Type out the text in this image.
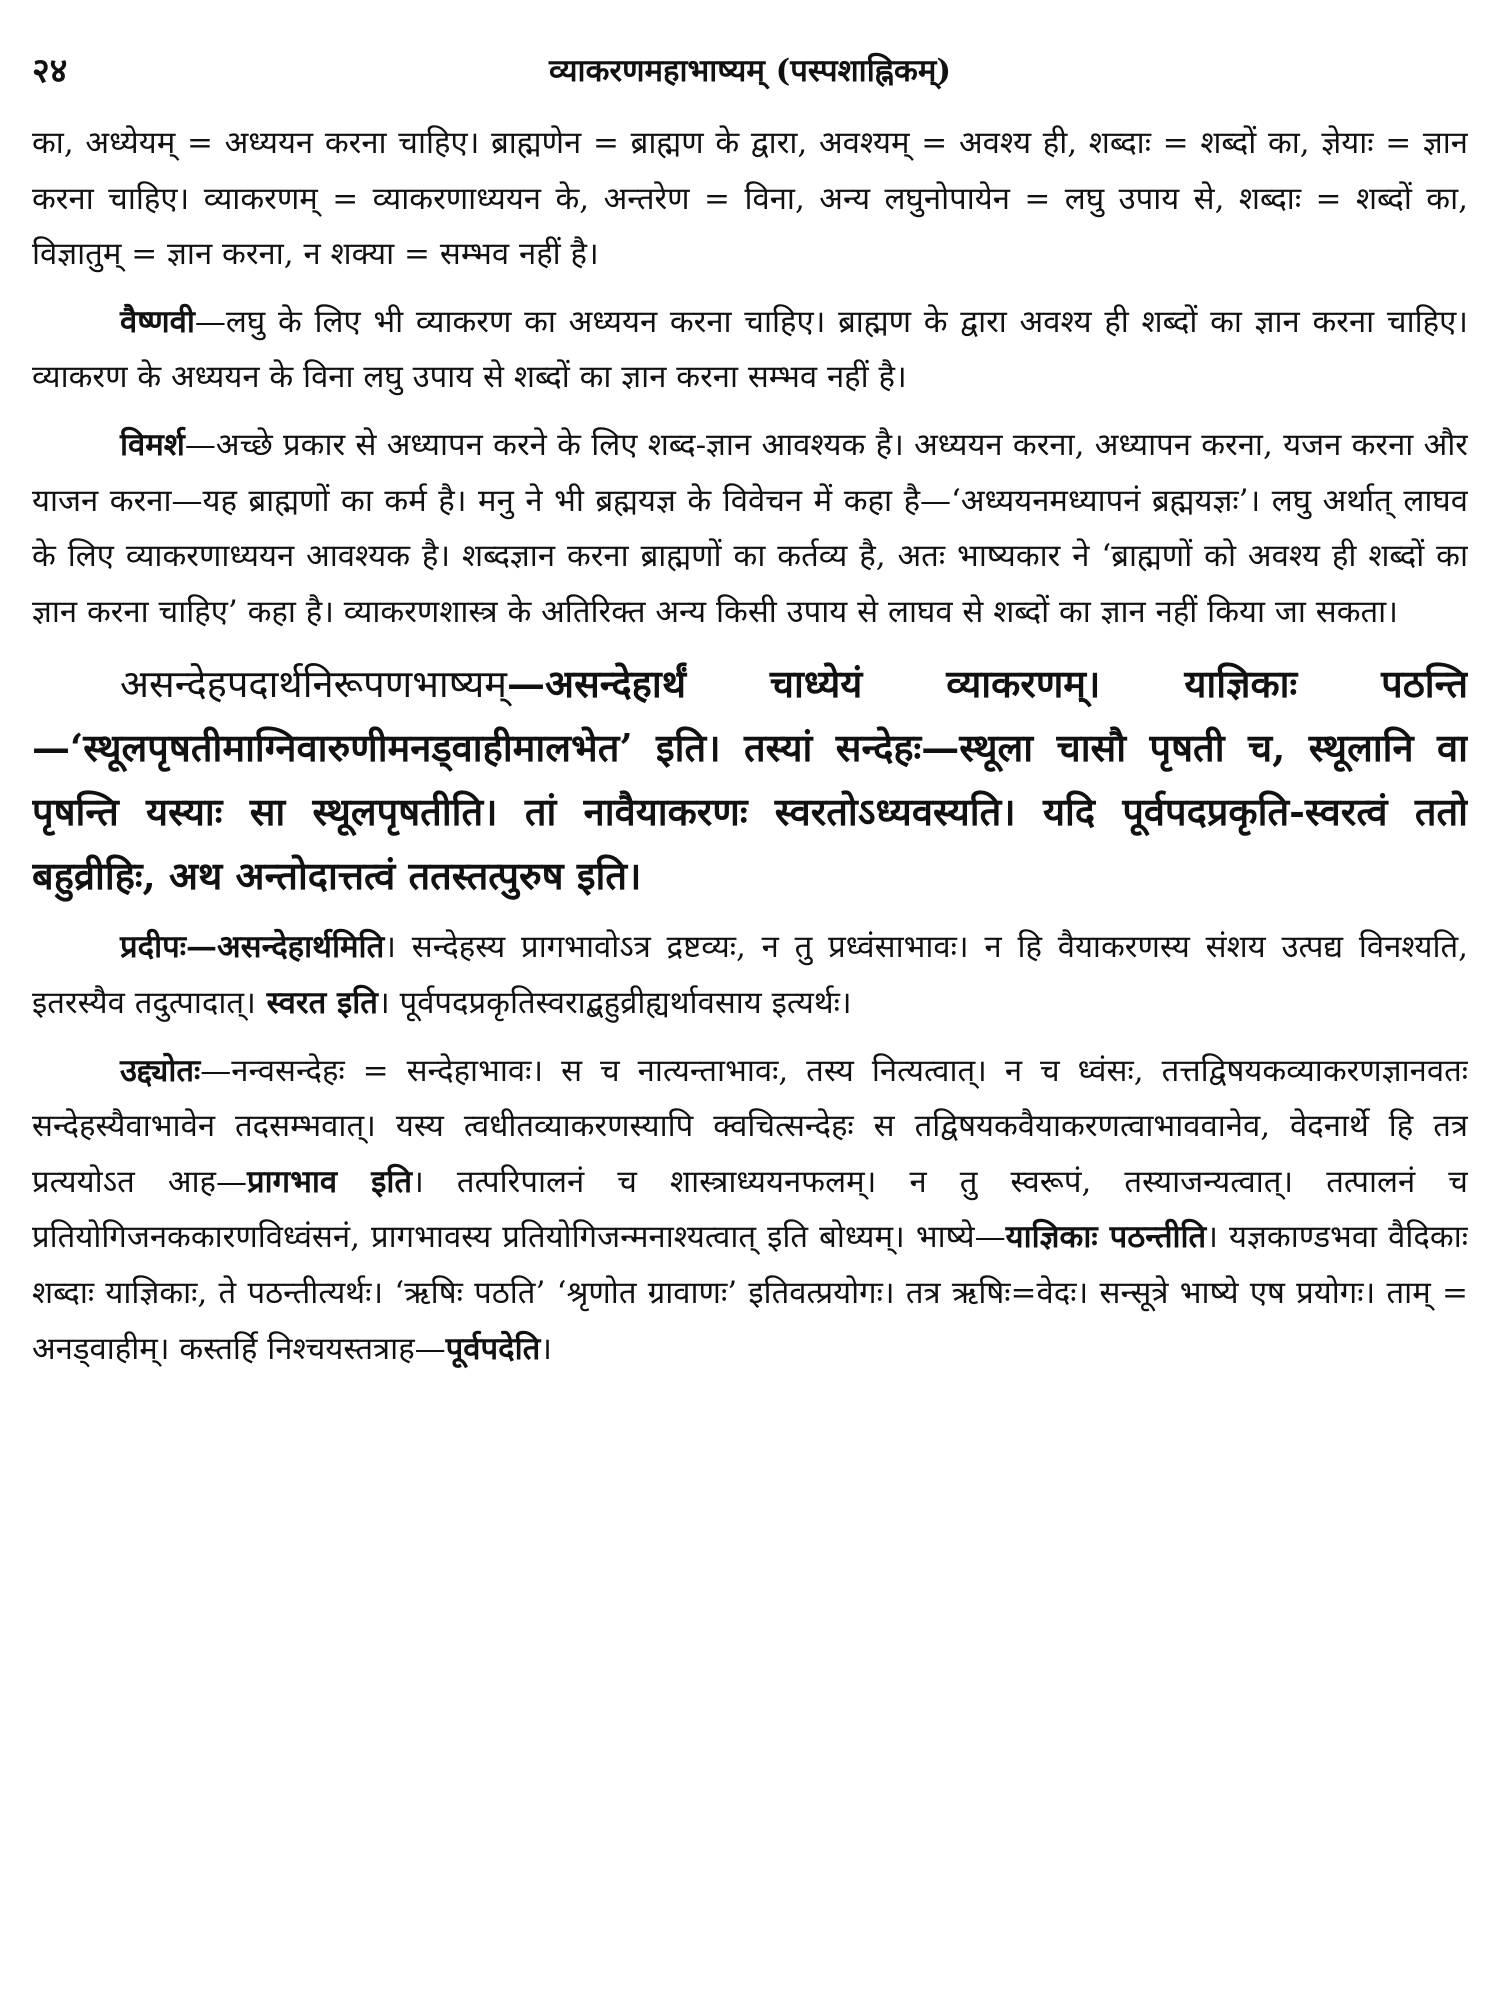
२४	व्याकरणमहाभाष्यम् (पस्पशाह्निकम्)

का, अध्येयम् = अध्ययन करना चाहिए। ब्राह्मणेन = ब्राह्मण के द्वारा, अवश्यम् = अवश्य ही, शब्दाः = शब्दों का, ज्ञेयाः = ज्ञान करना चाहिए। व्याकरणम् = व्याकरणाध्ययन के, अन्तरेण = विना, अन्य लघुनोपायेन = लघु उपाय से, शब्दाः = शब्दों का, विज्ञातुम् = ज्ञान करना, न शक्या = सम्भव नहीं है।

वैष्णवी—लघु के लिए भी व्याकरण का अध्ययन करना चाहिए। ब्राह्मण के द्वारा अवश्य ही शब्दों का ज्ञान करना चाहिए। व्याकरण के अध्ययन के विना लघु उपाय से शब्दों का ज्ञान करना सम्भव नहीं है।

विमर्श—अच्छे प्रकार से अध्यापन करने के लिए शब्द-ज्ञान आवश्यक है। अध्ययन करना, अध्यापन करना, यजन करना और याजन करना—यह ब्राह्मणों का कर्म है। मनु ने भी ब्रह्मयज्ञ के विवेचन में कहा है—‘अध्ययनमध्यापनं ब्रह्मयज्ञः’। लघु अर्थात् लाघव के लिए व्याकरणाध्ययन आवश्यक है। शब्दज्ञान करना ब्राह्मणों का कर्तव्य है, अतः भाष्यकार ने ‘ब्राह्मणों को अवश्य ही शब्दों का ज्ञान करना चाहिए’ कहा है। व्याकरणशास्त्र के अतिरिक्त अन्य किसी उपाय से लाघव से शब्दों का ज्ञान नहीं किया जा सकता।

असन्देहपदार्थनिरूपणभाष्यम्—असन्देहार्थं चाध्येयं व्याकरणम्। याज्ञिकाः पठन्ति—‘स्थूलपृषतीमाग्निवारुणीमनड्वाहीमालभेत’ इति। तस्यां सन्देहः—स्थूला चासौ पृषती च, स्थूलानि वा पृषन्ति यस्याः सा स्थूलपृषतीति। तां नावैयाकरणः स्वरतोऽध्यवस्यति। यदि पूर्वपदप्रकृति-स्वरत्वं ततो बहुव्रीहिः, अथ अन्तोदात्तत्वं ततस्तत्पुरुष इति।

प्रदीपः—असन्देहार्थमिति। सन्देहस्य प्रागभावोऽत्र द्रष्टव्यः, न तु प्रध्वंसाभावः। न हि वैयाकरणस्य संशय उत्पद्य विनश्यति, इतरस्यैव तदुत्पादात्। स्वरत इति। पूर्वपदप्रकृतिस्वराद्बहुव्रीह्यर्थावसाय इत्यर्थः।

उद्द्योतः—नन्वसन्देहः = सन्देहाभावः। स च नात्यन्ताभावः, तस्य नित्यत्वात्। न च ध्वंसः, तत्तद्विषयकव्याकरणज्ञानवतः सन्देहस्यैवाभावेन तदसम्भवात्। यस्य त्वधीतव्याकरणस्यापि क्वचित्सन्देहः स तद्विषयकवैयाकरणत्वाभाववानेव, वेदनार्थे हि तत्र प्रत्ययोऽत आह—प्रागभाव इति। तत्परिपालनं च शास्त्राध्ययनफलम्। न तु स्वरूपं, तस्याजन्यत्वात्। तत्पालनं च प्रतियोगिजनककारणविध्वंसनं, प्रागभावस्य प्रतियोगिजन्मनाश्यत्वात् इति बोध्यम्। भाष्ये—याज्ञिकाः पठन्तीति। यज्ञकाण्डभवा वैदिकाः शब्दाः याज्ञिकाः, ते पठन्तीत्यर्थः। ‘ऋषिः पठति’ ‘श्रृणोत ग्रावाणः’ इतिवत्प्रयोगः। तत्र ऋषिः=वेदः। सन्सूत्रे भाष्ये एष प्रयोगः। ताम् = अनड्वाहीम्। कस्तर्हि निश्चयस्तत्राह—पूर्वपदेति।
